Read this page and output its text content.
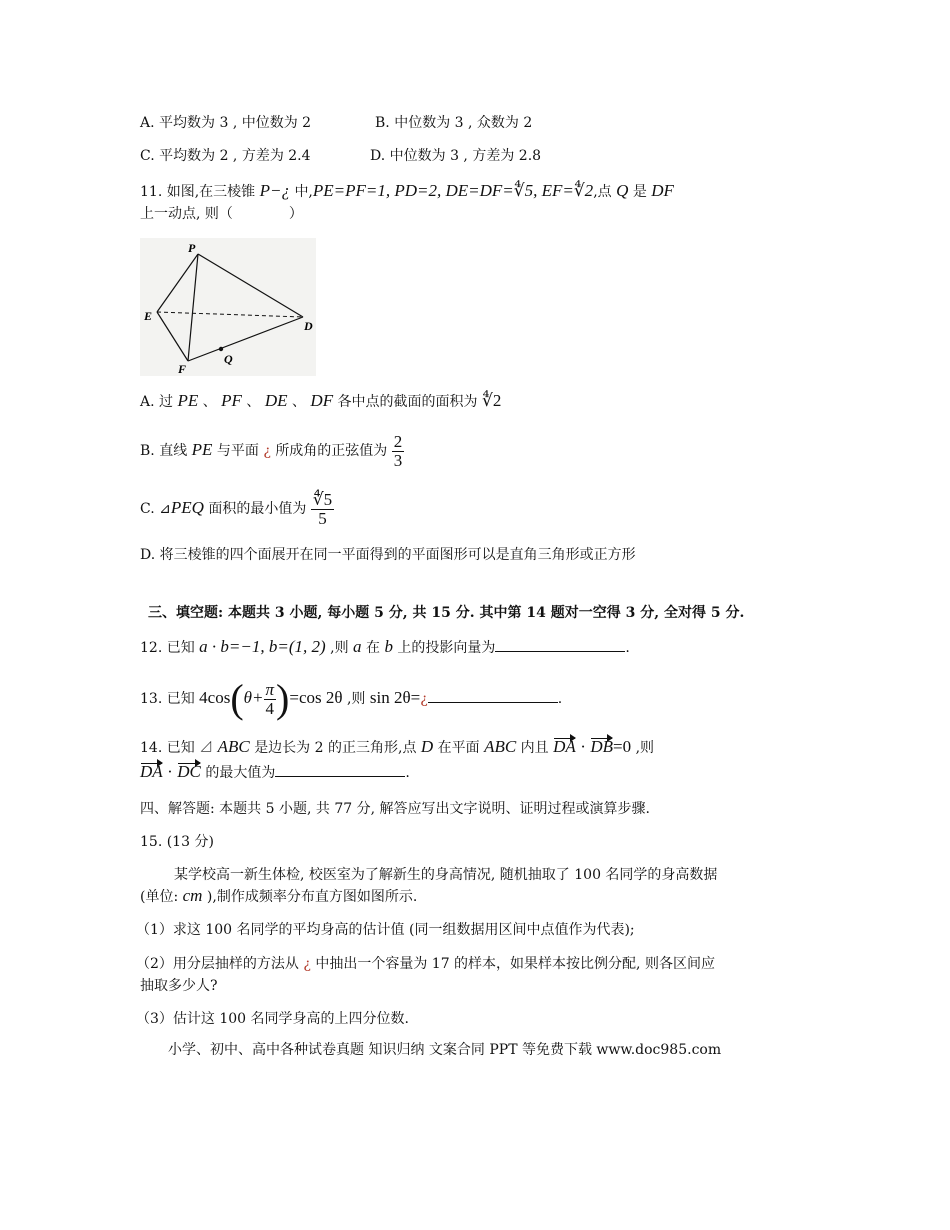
A. 平均数为 3 , 中位数为 2	B. 中位数为 3 , 众数为 2
C. 平均数为 2 , 方差为 2.4	D. 中位数为 3 , 方差为 2.8
11. 如图,在三棱锥 P−¿ 中,PE=PF=1, PD=2, DE=DF=∜5, EF=∜2,点 Q 是 DF
上一动点, 则（　　　　）
P
E
D
F
Q
A. 过 PE 、 PF 、 DE 、 DF 各中点的截面的面积为 ∜2
B. 直线 PE 与平面 ¿ 所成角的正弦值为 $\frac{2}{3}$
C. ⊿PEQ 面积的最小值为 $\frac{∜5}{5}$
D. 将三棱锥的四个面展开在同一平面得到的平面图形可以是直角三角形或正方形
三、填空题: 本题共 3 小题, 每小题 5 分, 共 15 分. 其中第 14 题对一空得 3 分, 全对得 5 分.
12. 已知 a · b=−1, b=(1, 2) ,则 a 在 b 上的投影向量为	.
13. 已知 $4\cos(\theta+ \frac{\pi}{4} )=\cos$ 2θ ,则 sin 2θ=¿	.
14. 已知 ⊿ ABC 是边长为 2 的正三角形,点 D 在平面 ABC 内且 DA · DB=0 ,则
DA · DC 的最大值为	.
四、解答题: 本题共 5 小题, 共 77 分, 解答应写出文字说明、证明过程或演算步骤.
15. (13 分)
某学校高一新生体检, 校医室为了解新生的身高情况, 随机抽取了 100 名同学的身高数据
(单位: cm ),制作成频率分布直方图如图所示.
（1）求这 100 名同学的平均身高的估计值 (同一组数据用区间中点值作为代表);
（2）用分层抽样的方法从 ¿ 中抽出一个容量为 17 的样本，如果样本按比例分配, 则各区间应
抽取多少人?
（3）估计这 100 名同学身高的上四分位数.
小学、初中、高中各种试卷真题 知识归纳 文案合同 PPT 等免费下载 www.doc985.com
